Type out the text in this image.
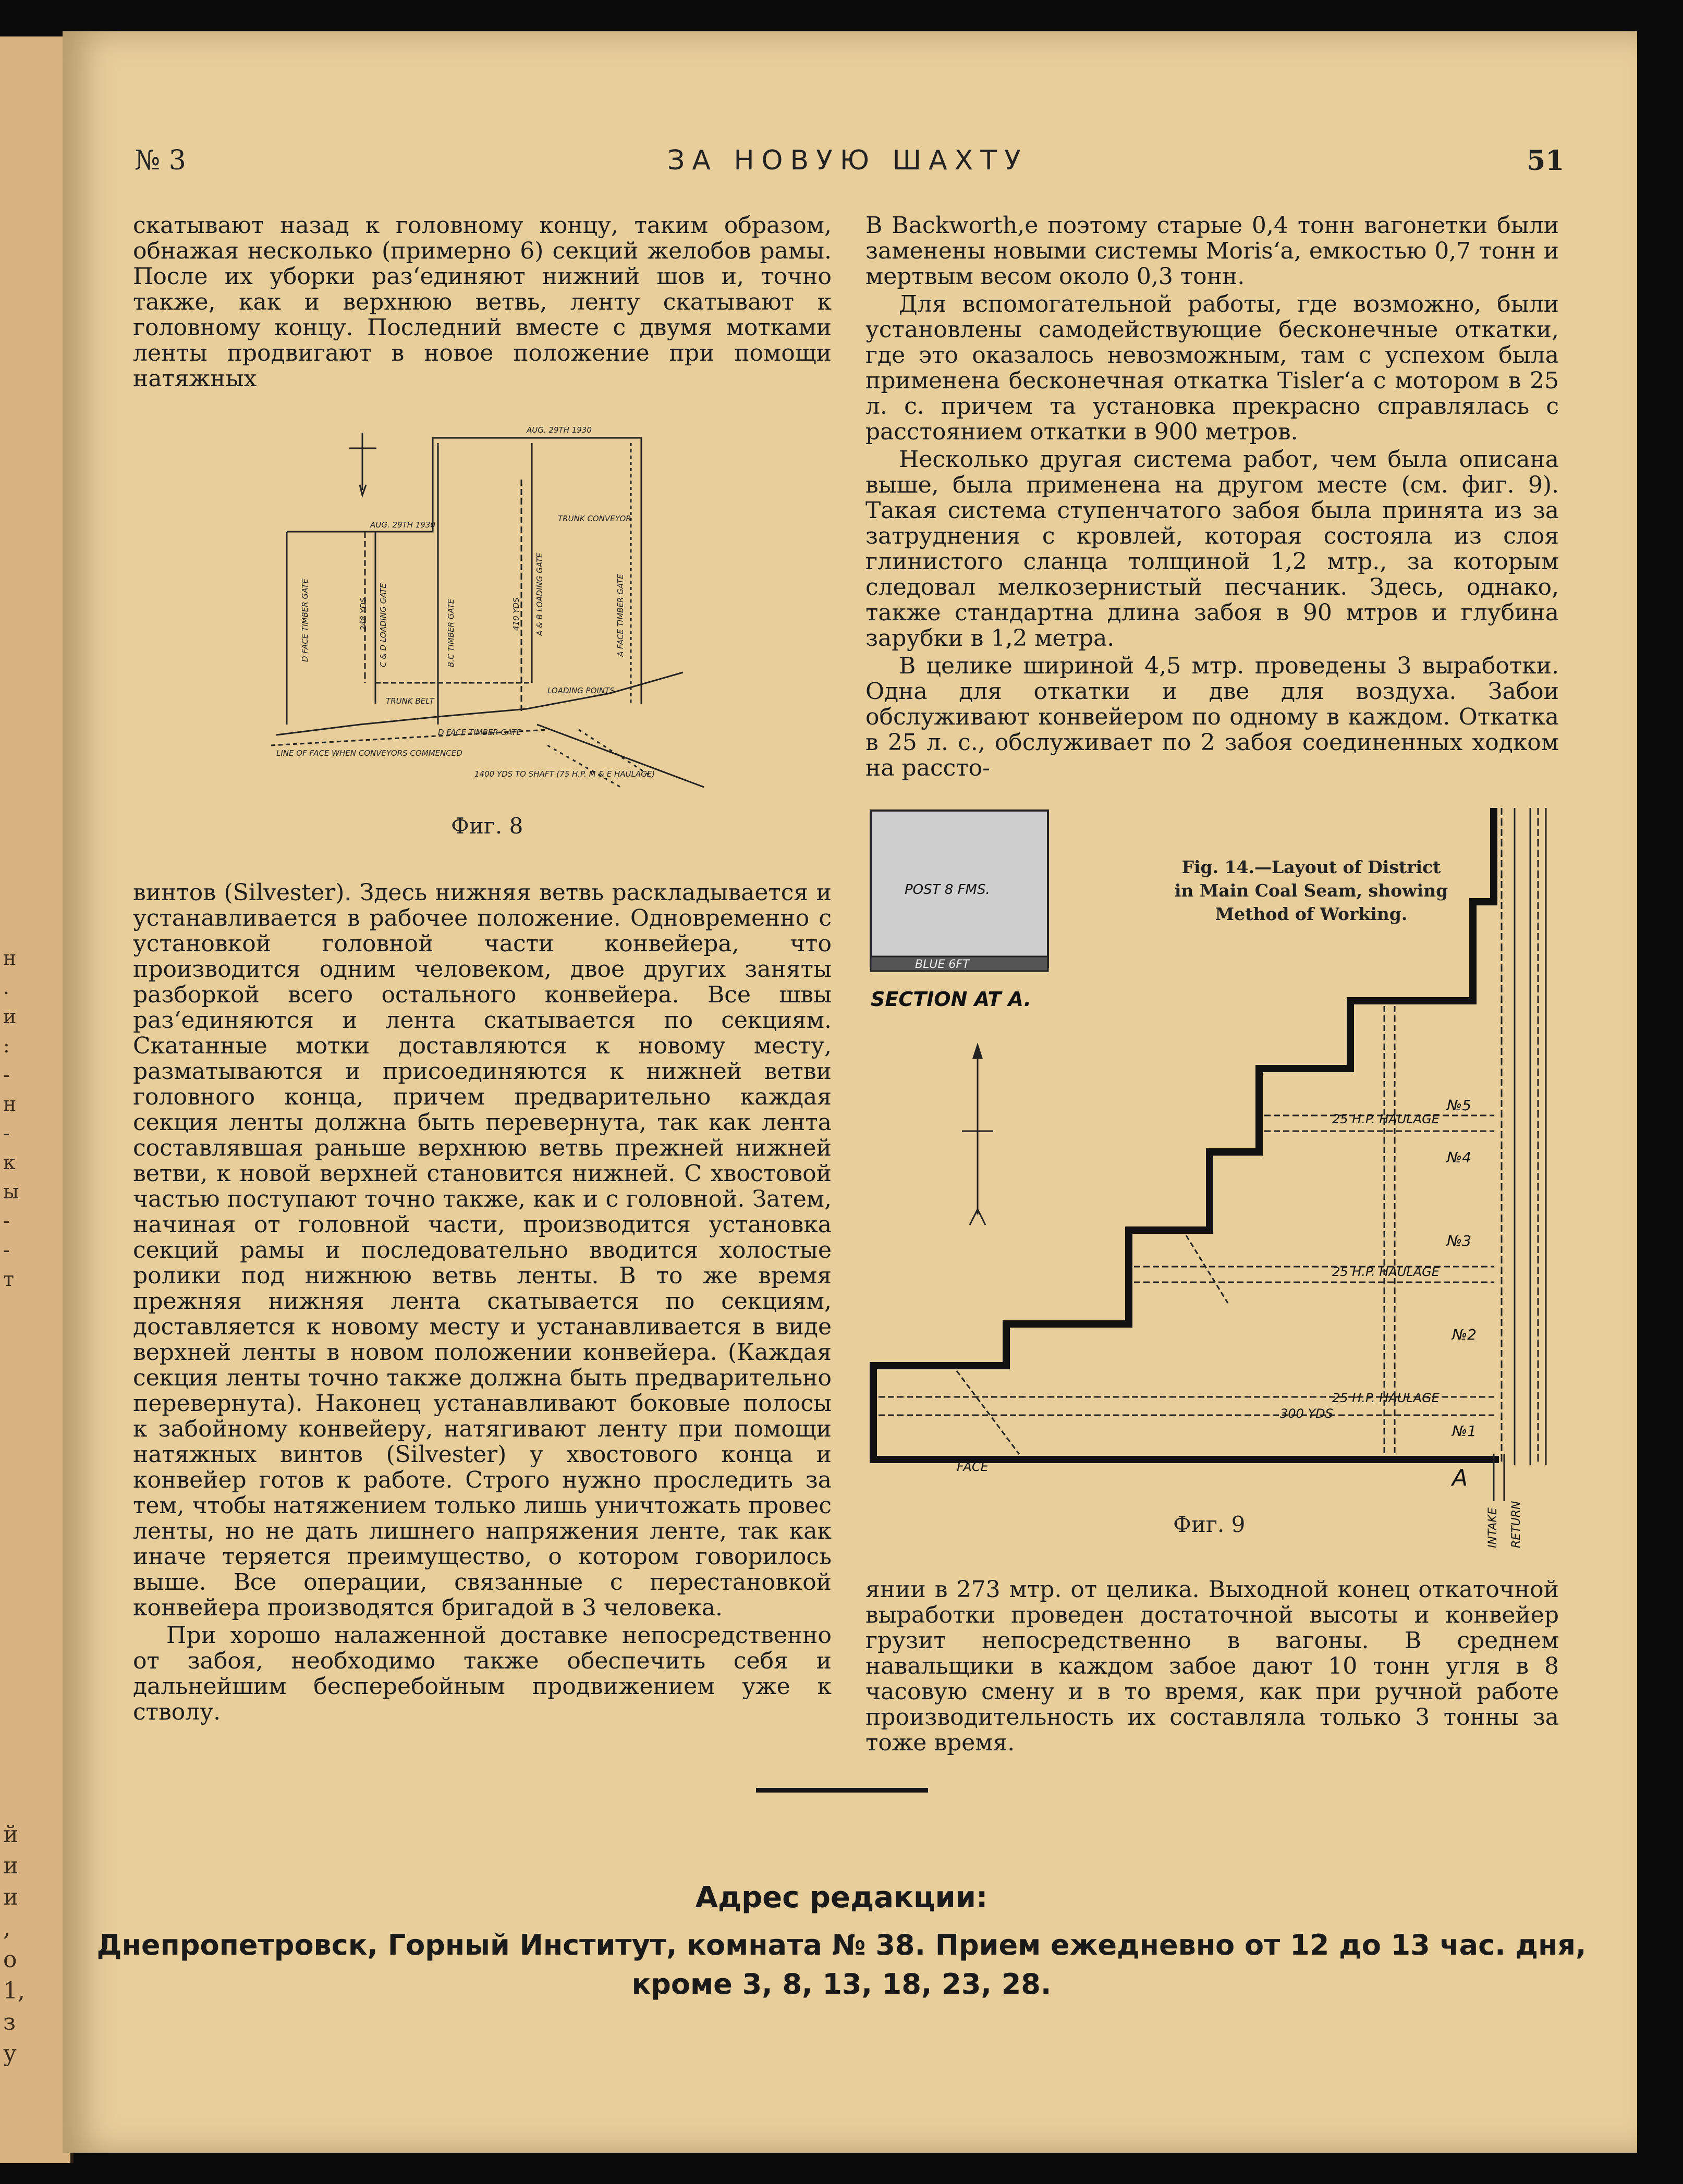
н
.
и
:
-
н
-
к
ы
-
-
т
й
и
и
,
о
1,
з
у
№ 3	ЗА НОВУЮ ШАХТУ	51

скатывают назад к головному концу, таким образом, обнажая несколько (примерно 6) секций желобов рамы. После их уборки раз‘единяют нижний шов и, точно также, как и верхнюю ветвь, ленту скатывают к головному концу. Последний вместе с двумя мотками ленты продвигают в новое положение при помощи натяжных

AUG. 29TH 1930
AUG. 29TH 1930
TRUNK CONVEYOR
TRUNK BELT
LOADING POINTS
D FACE TIMBER GATE
LINE OF FACE WHEN CONVEYORS COMMENCED
1400 YDS TO SHAFT (75 H.P. M & E HAULAGE)
D FACE TIMBER GATE	248 YDS C & D LOADING GATE	B.C TIMBER GATE	410 YDS A & B LOADING GATE	A FACE TIMBER GATE
Фиг. 8

винтов (Silvester). Здесь нижняя ветвь раскладывается и устанавливается в рабочее положение. Одновременно с установкой головной части конвейера, что производится одним человеком, двое других заняты разборкой всего остального конвейера. Все швы раз‘единяются и лента скатывается по секциям. Скатанные мотки доставляются к новому месту, разматываются и присоединяются к нижней ветви головного конца, причем предварительно каждая секция ленты должна быть перевернута, так как лента составлявшая раньше верхнюю ветвь прежней нижней ветви, к новой верхней становится нижней. С хвостовой частью поступают точно также, как и с головной. Затем, начиная от головной части, производится установка секций рамы и последовательно вводится холостые ролики под нижнюю ветвь ленты. В то же время прежняя нижняя лента скатывается по секциям, доставляется к новому месту и устанавливается в виде верхней ленты в новом положении конвейера. (Каждая секция ленты точно также должна быть предварительно перевернута). Наконец устанавливают боковые полосы к забойному конвейеру, натягивают ленту при помощи натяжных винтов (Silvester) у хвостового конца и конвейер готов к работе. Строго нужно проследить за тем, чтобы натяжением только лишь уничтожать провес ленты, но не дать лишнего напряжения ленте, так как иначе теряется преимущество, о котором говорилось выше. Все операции, связанные с перестановкой конвейера производятся бригадой в 3 человека.

При хорошо налаженной доставке непосредственно от забоя, необходимо также обеспечить себя и дальнейшим бесперебойным продвижением уже к стволу.

В Backworth,е поэтому старые 0,4 тонн вагонетки были заменены новыми системы Moris‘a, емкостью 0,7 тонн и мертвым весом около 0,3 тонн.

Для вспомогательной работы, где возможно, были установлены самодействующие бесконечные откатки, где это оказалось невозможным, там с успехом была применена бесконечная откатка Tisler‘a с мотором в 25 л. с. причем та установка прекрасно справлялась с расстоянием откатки в 900 метров.

Несколько другая система работ, чем была описана выше, была применена на другом месте (см. фиг. 9). Такая система ступенчатого забоя была принята из за затруднения с кровлей, которая состояла из слоя глинистого сланца толщиной 1,2 мтр., за которым следовал мелкозернистый песчаник. Здесь, однако, также стандартна длина забоя в 90 мтров и глубина зарубки в 1,2 метра.

В целике шириной 4,5 мтр. проведены 3 выработки. Одна для откатки и две для воздуха. Забои обслуживают конвейером по одному в каждом. Откатка в 25 л. с., обслуживает по 2 забоя соединенных ходком на рассто-

Fig. 14.—Layout of District
in Main Coal Seam, showing
Method of Working.
POST 8 FMS.
BLUE 6FT
SECTION AT A.
№5
25 H.P. HAULAGE
№4
№3
25 H.P. HAULAGE
№2
25 H.P. HAULAGE
300 YDS
№1
FACE	A
INTAKE RETURN
Фиг. 9

янии в 273 мтр. от целика. Выходной конец откаточной выработки проведен достаточной высоты и конвейер грузит непосредственно в вагоны. В среднем навальщики в каждом забое дают 10 тонн угля в 8 часовую смену и в то время, как при ручной работе производительность их составляла только 3 тонны за тоже время.

Адрес редакции:
Днепропетровск, Горный Институт, комната № 38. Прием ежедневно от 12 до 13 час. дня,
кроме 3, 8, 13, 18, 23, 28.
